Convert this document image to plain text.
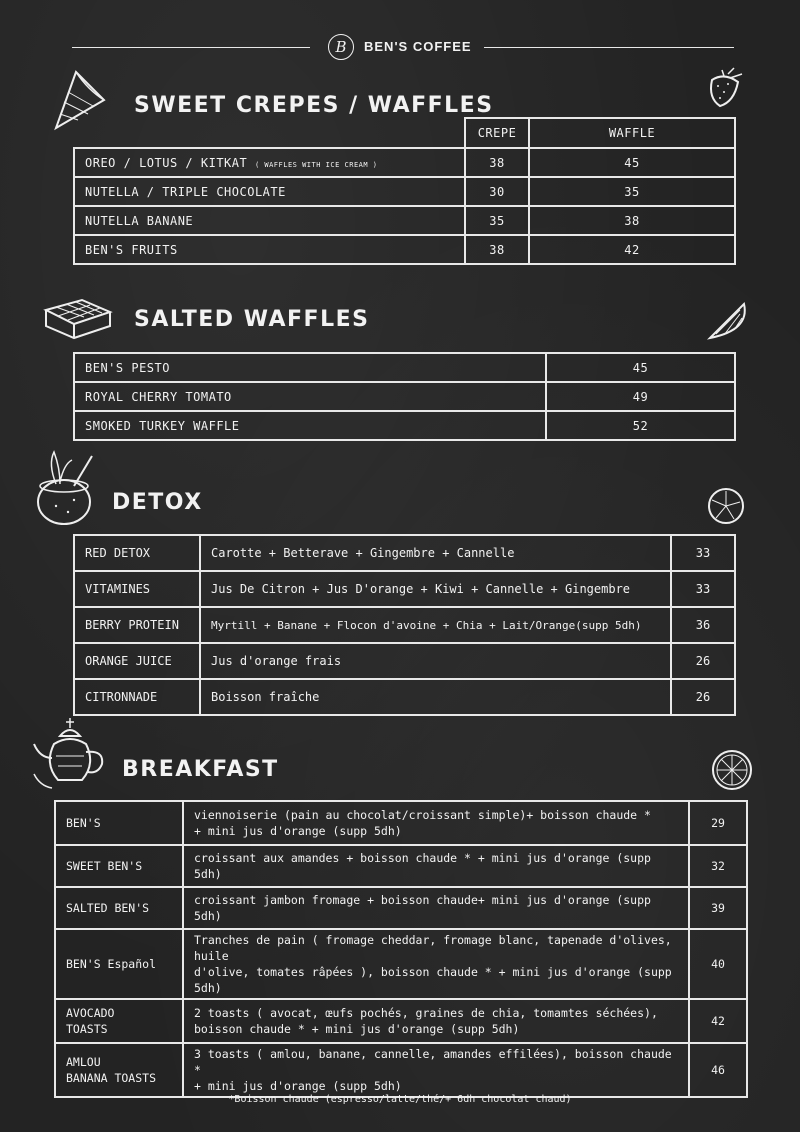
B BEN'S COFFEE
SWEET CREPES / WAFFLES
	CREPE	WAFFLE
OREO / LOTUS / KITKAT ( WAFFLES WITH ICE CREAM )	38	45
NUTELLA / TRIPLE CHOCOLATE	30	35
NUTELLA BANANE	35	38
BEN'S FRUITS	38	42
SALTED WAFFLES
BEN'S PESTO	45
ROYAL CHERRY TOMATO	49
SMOKED TURKEY WAFFLE	52
DETOX
RED DETOX	Carotte + Betterave + Gingembre + Cannelle	33
VITAMINES	Jus De Citron + Jus D'orange + Kiwi + Cannelle + Gingembre	33
BERRY PROTEIN	Myrtill + Banane + Flocon d'avoine + Chia + Lait/Orange(supp 5dh)	36
ORANGE JUICE	Jus d'orange frais	26
CITRONNADE	Boisson fraîche	26
BREAKFAST
BEN'S	viennoiserie (pain au chocolat/croissant simple)+ boisson chaude *
+ mini jus d'orange (supp 5dh)	29
SWEET BEN'S	croissant aux amandes + boisson chaude * + mini jus d'orange (supp 5dh)	32
SALTED BEN'S	croissant jambon fromage + boisson chaude+ mini jus d'orange (supp 5dh)	39
BEN'S Español	Tranches de pain ( fromage cheddar, fromage blanc, tapenade d'olives, huile
d'olive, tomates râpées ), boisson chaude * + mini jus d'orange (supp 5dh)	40
AVOCADO
TOASTS	2 toasts ( avocat, œufs pochés, graines de chia, tomamtes séchées),
boisson chaude * + mini jus d'orange (supp 5dh)	42
AMLOU
BANANA TOASTS	3 toasts ( amlou, banane, cannelle, amandes effilées), boisson chaude *
+ mini jus d'orange (supp 5dh)	46
*Boisson chaude (espresso/latte/thé/+ 6dh chocolat chaud)
